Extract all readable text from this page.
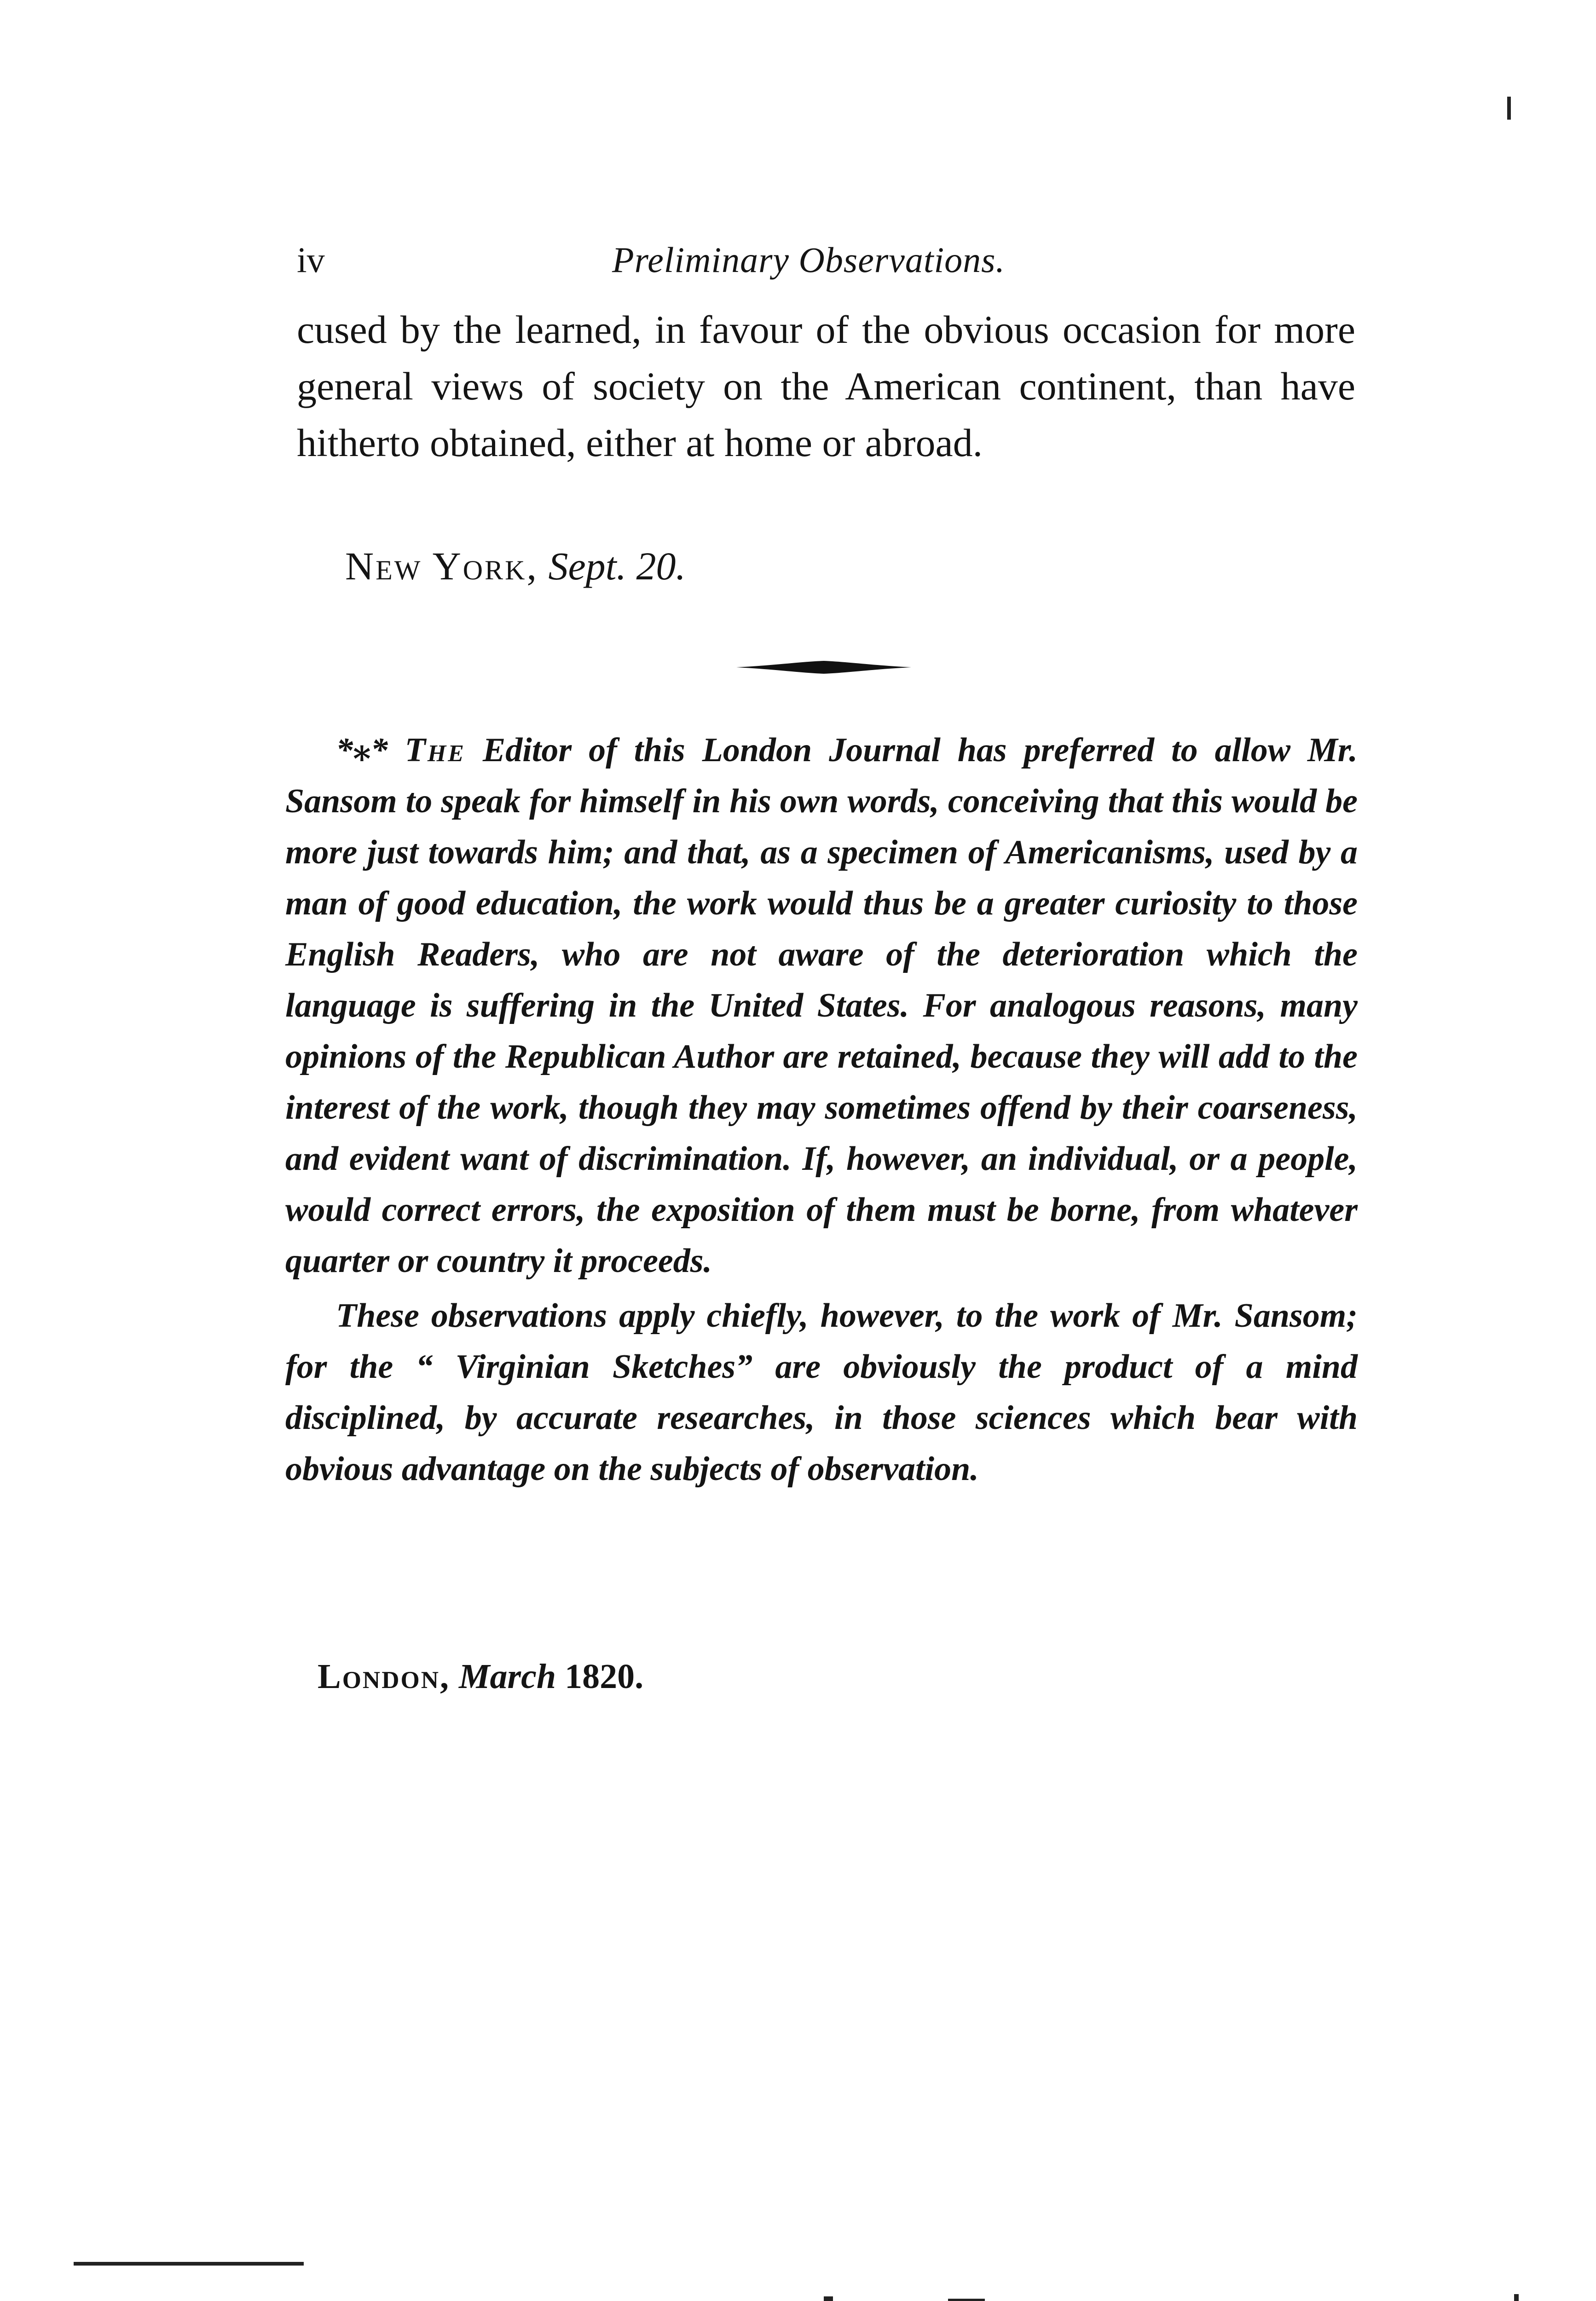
iv	Preliminary Observations.

cused by the learned, in favour of the obvious occasion for more general views of society on the American continent, than have hitherto obtained, either at home or abroad.

New York, Sept. 20.

*⁎* The Editor of this London Journal has preferred to allow Mr. Sansom to speak for himself in his own words, conceiving that this would be more just towards him; and that, as a specimen of Americanisms, used by a man of good education, the work would thus be a greater curiosity to those English Readers, who are not aware of the deterioration which the language is suffering in the United States. For analogous reasons, many opinions of the Republican Author are retained, because they will add to the interest of the work, though they may sometimes offend by their coarseness, and evident want of discrimination. If, however, an individual, or a people, would correct errors, the exposition of them must be borne, from whatever quarter or country it proceeds.

These observations apply chiefly, however, to the work of Mr. Sansom; for the “ Virginian Sketches” are obviously the product of a mind disciplined, by accurate researches, in those sciences which bear with obvious advantage on the subjects of observation.

London, March 1820.
